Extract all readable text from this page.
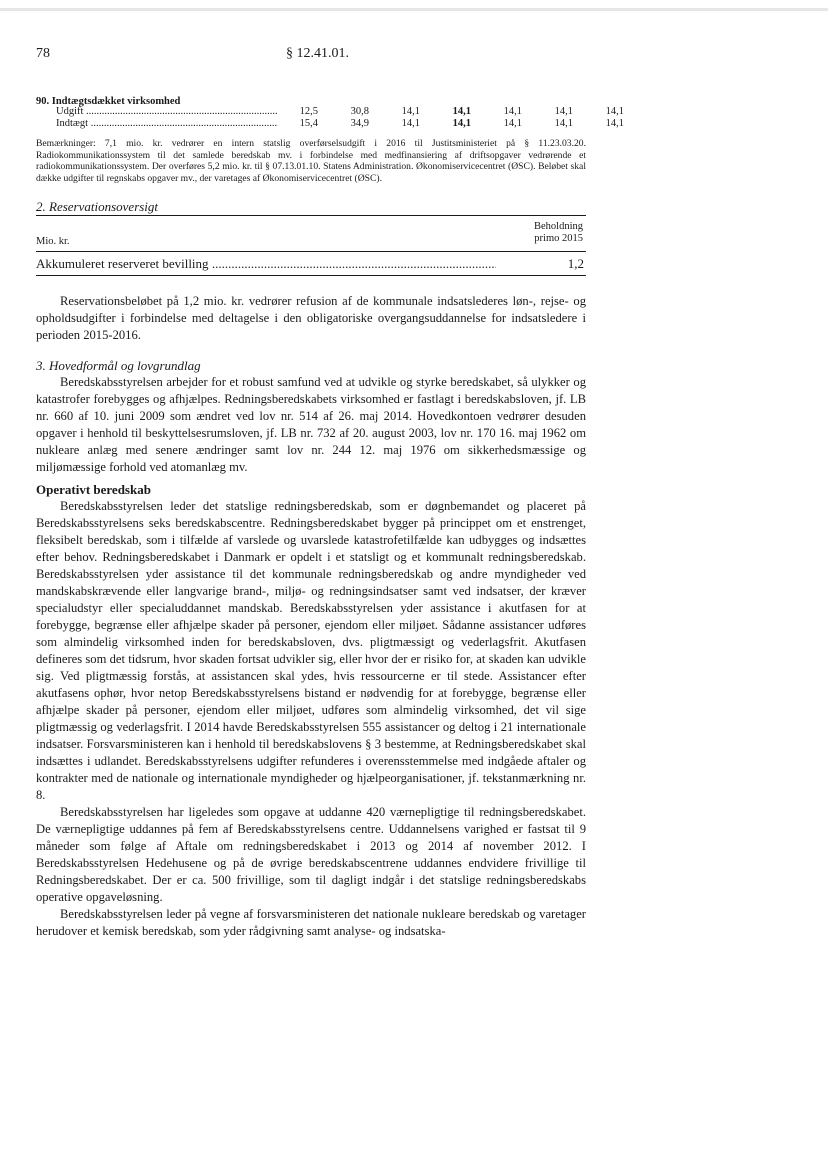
78	§ 12.41.01.
90. Indtægtsdækket virksomhed
Udgift .....	12,5	30,8	14,1	14,1	14,1	14,1	14,1
Indtægt .....	15,4	34,9	14,1	14,1	14,1	14,1	14,1
Bemærkninger: 7,1 mio. kr. vedrører en intern statslig overførselsudgift i 2016 til Justitsministeriet på § 11.23.03.20. Radiokommunikationssystem til det samlede beredskab mv. i forbindelse med medfinansiering af driftsopgaver vedrørende et radiokommunikationssystem. Der overføres 5,2 mio. kr. til § 07.13.01.10. Statens Administration. Økonomiservicecentret (ØSC). Beløbet skal dække udgifter til regnskabs opgaver mv., der varetages af Økonomiservicecentret (ØSC).
2. Reservationsoversigt
Beholdning
primo 2015
Mio. kr.
Akkumuleret reserveret bevilling .....	1,2

Reservationsbeløbet på 1,2 mio. kr. vedrører refusion af de kommunale indsatslederes løn-, rejse- og opholdsudgifter i forbindelse med deltagelse i den obligatoriske overgangsuddannelse for indsatsledere i perioden 2015-2016.

3. Hovedformål og lovgrundlag

Beredskabsstyrelsen arbejder for et robust samfund ved at udvikle og styrke beredskabet, så ulykker og katastrofer forebygges og afhjælpes. Redningsberedskabets virksomhed er fastlagt i beredskabsloven, jf. LB nr. 660 af 10. juni 2009 som ændret ved lov nr. 514 af 26. maj 2014. Hovedkontoen vedrører desuden opgaver i henhold til beskyttelsesrumsloven, jf. LB nr. 732 af 20. august 2003, lov nr. 170 16. maj 1962 om nukleare anlæg med senere ændringer samt lov nr. 244 12. maj 1976 om sikkerhedsmæssige og miljømæssige forhold ved atomanlæg mv.

Operativt beredskab

Beredskabsstyrelsen leder det statslige redningsberedskab, som er døgnbemandet og placeret på Beredskabsstyrelsens seks beredskabscentre. Redningsberedskabet bygger på princippet om et enstrenget, fleksibelt beredskab, som i tilfælde af varslede og uvarslede katastrofetilfælde kan udbygges og indsættes efter behov. Redningsberedskabet i Danmark er opdelt i et statsligt og et kommunalt redningsberedskab. Beredskabsstyrelsen yder assistance til det kommunale redningsberedskab og andre myndigheder ved mandskabskrævende eller langvarige brand-, miljø- og redningsindsatser samt ved indsatser, der kræver specialudstyr eller specialuddannet mandskab. Beredskabsstyrelsen yder assistance i akutfasen for at forebygge, begrænse eller afhjælpe skader på personer, ejendom eller miljøet. Sådanne assistancer udføres som almindelig virksomhed inden for beredskabsloven, dvs. pligtmæssigt og vederlagsfrit. Akutfasen defineres som det tidsrum, hvor skaden fortsat udvikler sig, eller hvor der er risiko for, at skaden kan udvikle sig. Ved pligtmæssig forstås, at assistancen skal ydes, hvis ressourcerne er til stede. Assistancer efter akutfasens ophør, hvor netop Beredskabsstyrelsens bistand er nødvendig for at forebygge, begrænse eller afhjælpe skader på personer, ejendom eller miljøet, udføres som almindelig virksomhed, det vil sige pligtmæssig og vederlagsfrit. I 2014 havde Beredskabsstyrelsen 555 assistancer og deltog i 21 internationale indsatser. Forsvarsministeren kan i henhold til beredskabslovens § 3 bestemme, at Redningsberedskabet skal indsættes i udlandet. Beredskabsstyrelsens udgifter refunderes i overensstemmelse med indgåede aftaler og kontrakter med de nationale og internationale myndigheder og hjælpeorganisationer, jf. tekstanmærkning nr. 8.

Beredskabsstyrelsen har ligeledes som opgave at uddanne 420 værnepligtige til redningsberedskabet. De værnepligtige uddannes på fem af Beredskabsstyrelsens centre. Uddannelsens varighed er fastsat til 9 måneder som følge af Aftale om redningsberedskabet i 2013 og 2014 af november 2012. I Beredskabsstyrelsen Hedehusene og på de øvrige beredskabscentrene uddannes endvidere frivillige til Redningsberedskabet. Der er ca. 500 frivillige, som til dagligt indgår i det statslige redningsberedskabs operative opgaveløsning.

Beredskabsstyrelsen leder på vegne af forsvarsministeren det nationale nukleare beredskab og varetager herudover et kemisk beredskab, som yder rådgivning samt analyse- og indsatska-
